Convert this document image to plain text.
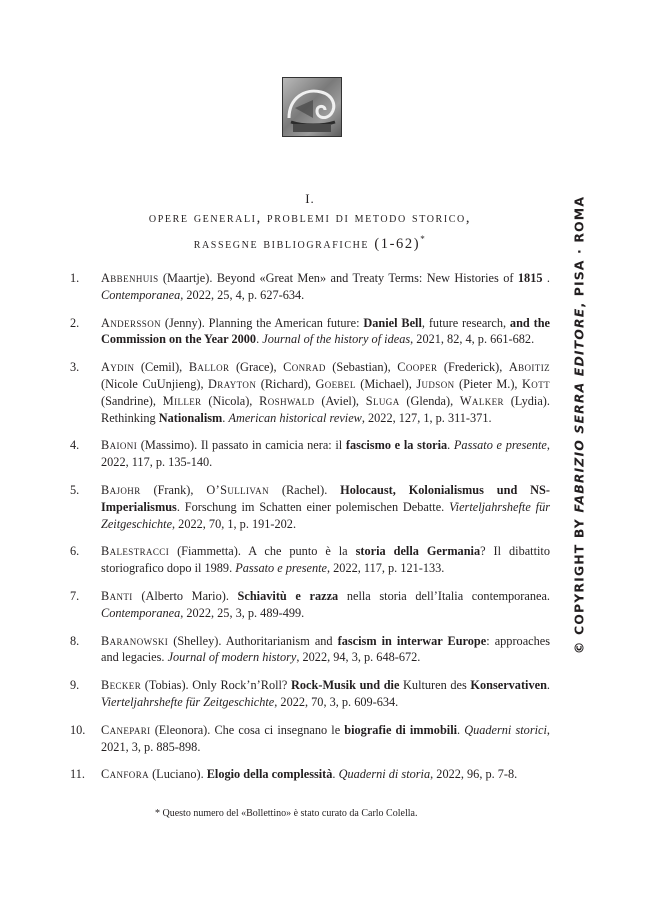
I.
opere generali, problemi di metodo storico,
rassegne bibliografiche (1-62)*
1.	Abbenhuis (Maartje). Beyond «Great Men» and Treaty Terms: New Histories of 1815 . Contemporanea, 2022, 25, 4, p. 627-634.
2.	Andersson (Jenny). Planning the American future: Daniel Bell, future research, and the Commission on the Year 2000. Journal of the history of ideas, 2021, 82, 4, p. 661-682.
3.	Aydin (Cemil), Ballor (Grace), Conrad (Sebastian), Cooper (Frederick), Aboitiz (Nicole CuUnjieng), Drayton (Richard), Goebel (Michael), Judson (Pieter M.), Kott (Sandrine), Miller (Nicola), Roshwald (Aviel), Sluga (Glenda), Walker (Lydia). Rethinking Nationalism. American historical review, 2022, 127, 1, p. 311-371.
4.	Baioni (Massimo). Il passato in camicia nera: il fascismo e la storia. Passato e presente, 2022, 117, p. 135-140.
5.	Bajohr (Frank), O’Sullivan (Rachel). Holocaust, Kolonialismus und NS-Imperialismus. Forschung im Schatten einer polemischen Debatte. Vierteljahrshefte für Zeitgeschichte, 2022, 70, 1, p. 191-202.
6.	Balestracci (Fiammetta). A che punto è la storia della Germania? Il dibattito storiografico dopo il 1989. Passato e presente, 2022, 117, p. 121-133.
7.	Banti (Alberto Mario). Schiavitù e razza nella storia dell’Italia contemporanea. Contemporanea, 2022, 25, 3, p. 489-499.
8.	Baranowski (Shelley). Authoritarianism and fascism in interwar Europe: approaches and legacies. Journal of modern history, 2022, 94, 3, p. 648-672.
9.	Becker (Tobias). Only Rock’n’Roll? Rock-Musik und die Kulturen des Konservativen. Vierteljahrshefte für Zeitgeschichte, 2022, 70, 3, p. 609-634.
10.	Canepari (Eleonora). Che cosa ci insegnano le biografie di immobili. Quaderni storici, 2021, 3, p. 885-898.
11.	Canfora (Luciano). Elogio della complessità. Quaderni di storia, 2022, 96, p. 7-8.
* Questo numero del «Bollettino» è stato curato da Carlo Colella.
© COPYRIGHT BY FABRIZIO SERRA EDITORE, PISA · ROMA
